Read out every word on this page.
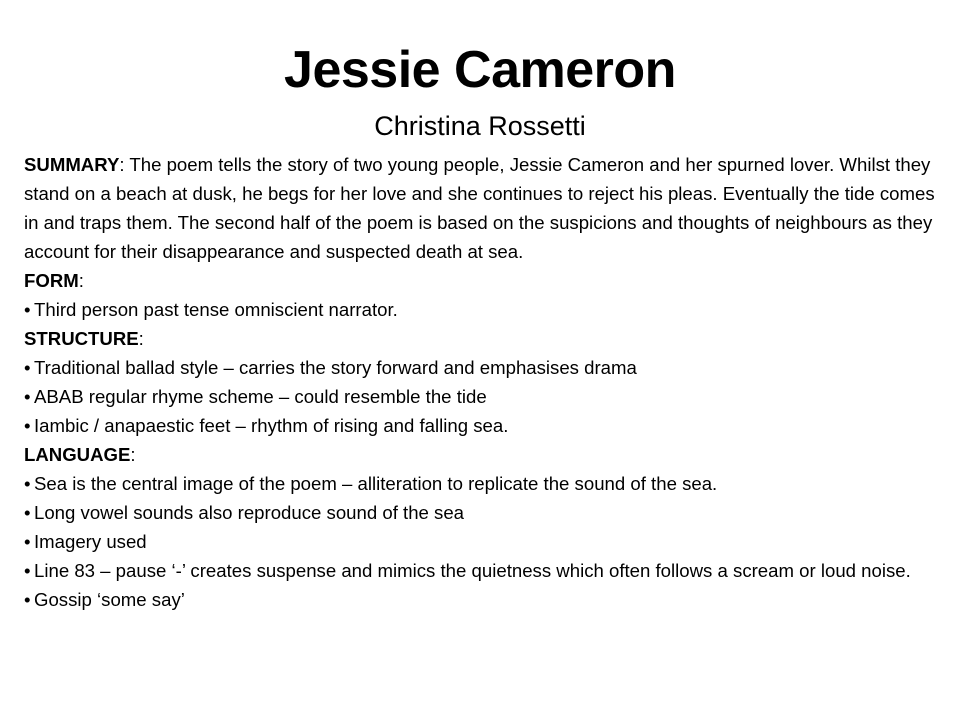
Jessie Cameron
Christina Rossetti

SUMMARY: The poem tells the story of two young people, Jessie Cameron and her spurned lover. Whilst they stand on a beach at dusk, he begs for her love and she continues to reject his pleas. Eventually the tide comes in and traps them. The second half of the poem is based on the suspicions and thoughts of neighbours as they account for their disappearance and suspected death at sea.

FORM:

• Third person past tense omniscient narrator.

STRUCTURE:

• Traditional ballad style – carries the story forward and emphasises drama

• ABAB regular rhyme scheme – could resemble the tide

• Iambic / anapaestic feet – rhythm of rising and falling sea.

LANGUAGE:

• Sea is the central image of the poem – alliteration to replicate the sound of the sea.

• Long vowel sounds also reproduce sound of the sea

• Imagery used

• Line 83 – pause ‘-’ creates suspense and mimics the quietness which often follows a scream or loud noise.

• Gossip ‘some say’
